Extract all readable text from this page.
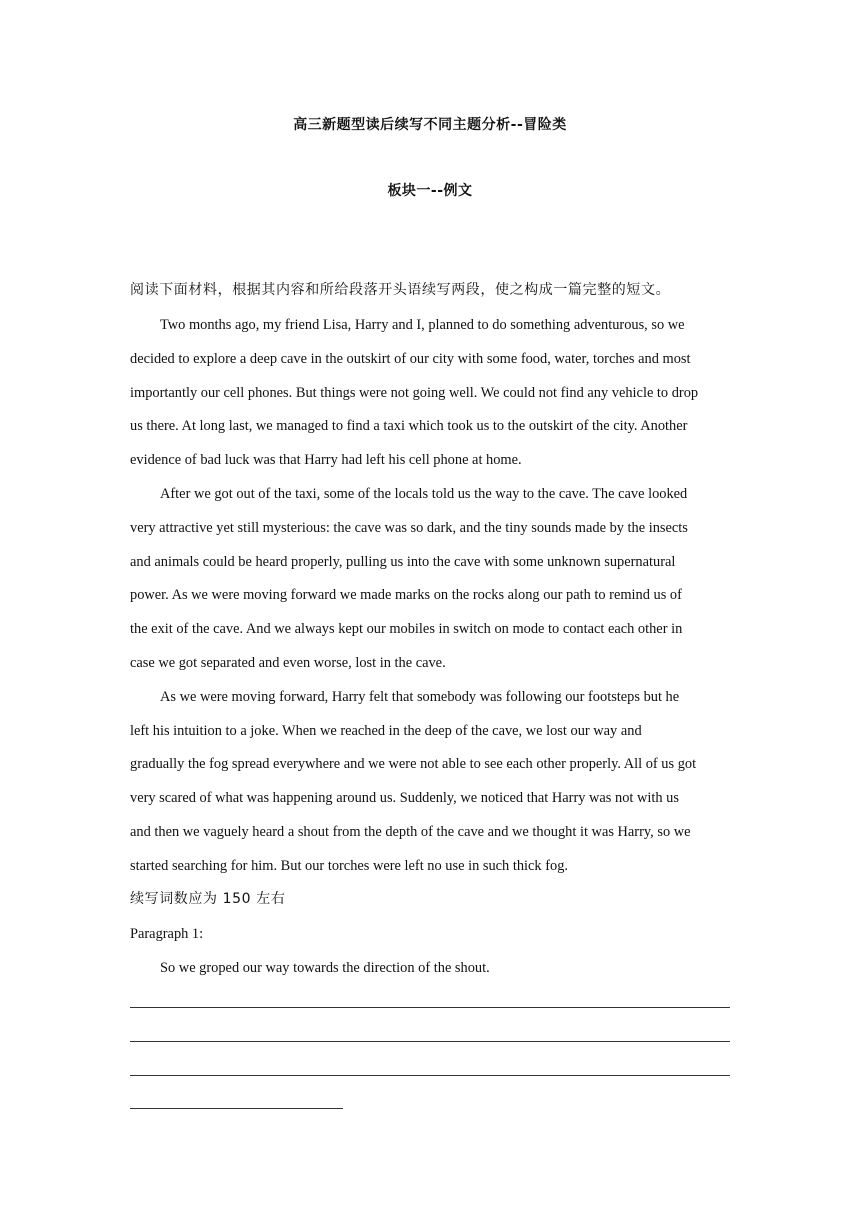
高三新题型读后续写不同主题分析--冒险类
板块一--例文
阅读下面材料，根据其内容和所给段落开头语续写两段，使之构成一篇完整的短文。
Two months ago, my friend Lisa, Harry and I, planned to do something adventurous, so we
decided to explore a deep cave in the outskirt of our city with some food, water, torches and most
importantly our cell phones. But things were not going well. We could not find any vehicle to drop
us there. At long last, we managed to find a taxi which took us to the outskirt of the city. Another
evidence of bad luck was that Harry had left his cell phone at home.
After we got out of the taxi, some of the locals told us the way to the cave. The cave looked
very attractive yet still mysterious: the cave was so dark, and the tiny sounds made by the insects
and animals could be heard properly, pulling us into the cave with some unknown supernatural
power. As we were moving forward we made marks on the rocks along our path to remind us of
the exit of the cave. And we always kept our mobiles in switch on mode to contact each other in
case we got separated and even worse, lost in the cave.
As we were moving forward, Harry felt that somebody was following our footsteps but he
left his intuition to a joke. When we reached in the deep of the cave, we lost our way and
gradually the fog spread everywhere and we were not able to see each other properly. All of us got
very scared of what was happening around us. Suddenly, we noticed that Harry was not with us
and then we vaguely heard a shout from the depth of the cave and we thought it was Harry, so we
started searching for him. But our torches were left no use in such thick fog.
续写词数应为 150 左右
Paragraph 1:
So we groped our way towards the direction of the shout.
